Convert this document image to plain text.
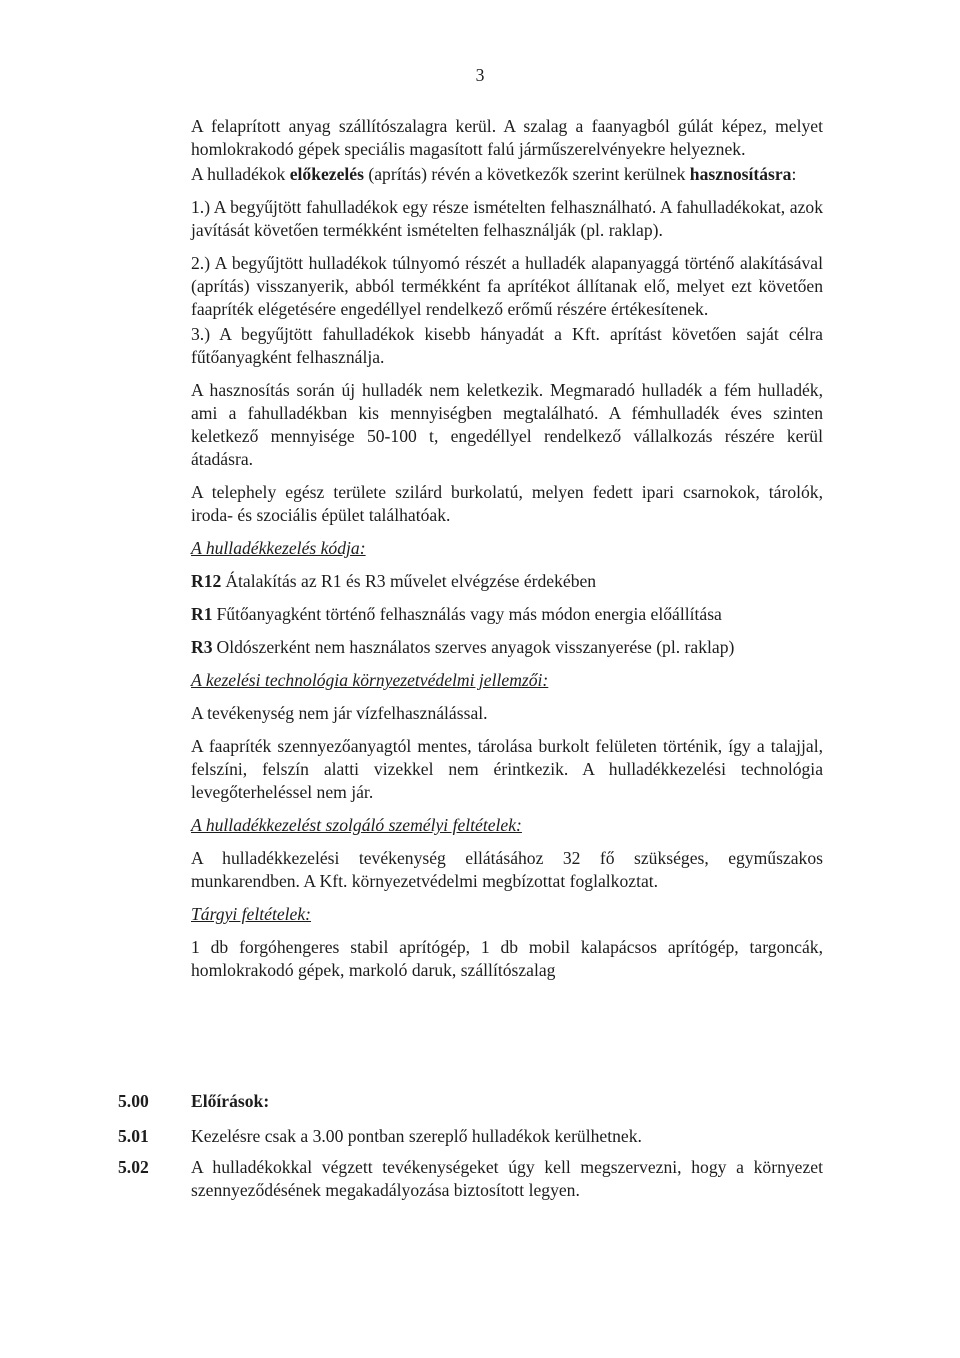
3

A felaprított anyag szállítószalagra kerül. A szalag a faanyagból gúlát képez, melyet homlokrakodó gépek speciális magasított falú járműszerelvényekre helyeznek.

A hulladékok előkezelés (aprítás) révén a következők szerint kerülnek hasznosításra:

1.) A begyűjtött fahulladékok egy része ismételten felhasználható. A fahulladékokat, azok javítását követően termékként ismételten felhasználják (pl. raklap).

2.) A begyűjtött hulladékok túlnyomó részét a hulladék alapanyaggá történő alakításával (aprítás) visszanyerik, abból termékként fa aprítékot állítanak elő, melyet ezt követően faapríték elégetésére engedéllyel rendelkező erőmű részére értékesítenek.

3.) A begyűjtött fahulladékok kisebb hányadát a Kft. aprítást követően saját célra fűtőanyagként felhasználja.

A hasznosítás során új hulladék nem keletkezik. Megmaradó hulladék a fém hulladék, ami a fahulladékban kis mennyiségben megtalálható. A fémhulladék éves szinten keletkező mennyisége 50-100 t, engedéllyel rendelkező vállalkozás részére kerül átadásra.

A telephely egész területe szilárd burkolatú, melyen fedett ipari csarnokok, tárolók, iroda- és szociális épület találhatóak.

A hulladékkezelés kódja:

R12 Átalakítás az R1 és R3 művelet elvégzése érdekében

R1 Fűtőanyagként történő felhasználás vagy más módon energia előállítása

R3 Oldószerként nem használatos szerves anyagok visszanyerése (pl. raklap)

A kezelési technológia környezetvédelmi jellemzői:

A tevékenység nem jár vízfelhasználással.

A faapríték szennyezőanyagtól mentes, tárolása burkolt felületen történik, így a talajjal, felszíni, felszín alatti vizekkel nem érintkezik. A hulladékkezelési technológia levegőterheléssel nem jár.

A hulladékkezelést szolgáló személyi feltételek:

A hulladékkezelési tevékenység ellátásához 32 fő szükséges, egyműszakos munkarendben. A Kft. környezetvédelmi megbízottat foglalkoztat.

Tárgyi feltételek:

1 db forgóhengeres stabil aprítógép, 1 db mobil kalapácsos aprítógép, targoncák, homlokrakodó gépek, markoló daruk, szállítószalag

5.00	Előírások:
5.01	Kezelésre csak a 3.00 pontban szereplő hulladékok kerülhetnek.
5.02	A hulladékokkal végzett tevékenységeket úgy kell megszervezni, hogy a környezet szennyeződésének megakadályozása biztosított legyen.
